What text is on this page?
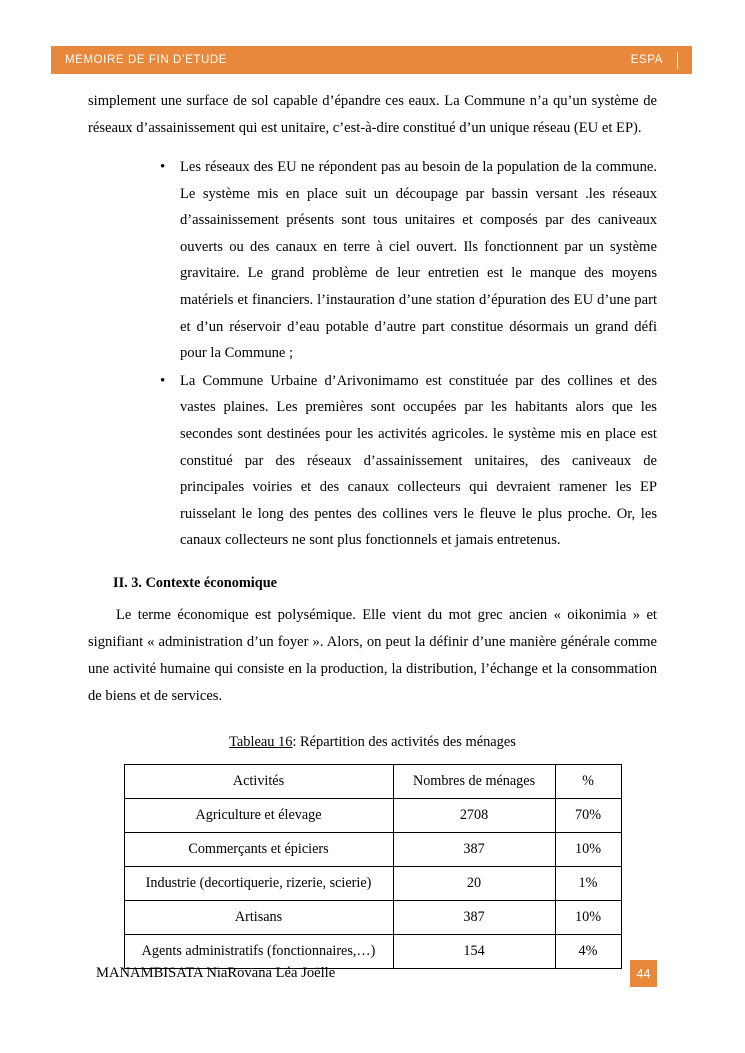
MEMOIRE DE FIN D’ETUDE	ESPA

simplement une surface de sol capable d’épandre ces eaux. La Commune n’a qu’un système de réseaux d’assainissement qui est unitaire, c’est-à-dire constitué d’un unique réseau (EU et EP).

• Les réseaux des EU ne répondent pas au besoin de la population de la commune. Le système mis en place suit un découpage par bassin versant .les réseaux d’assainissement présents sont tous unitaires et composés par des caniveaux ouverts ou des canaux en terre à ciel ouvert. Ils fonctionnent par un système gravitaire. Le grand problème de leur entretien est le manque des moyens matériels et financiers. l’instauration d’une station d’épuration des EU d’une part et d’un réservoir d’eau potable d’autre part constitue désormais un grand défi pour la Commune ;
• La Commune Urbaine d’Arivonimamo est constituée par des collines et des vastes plaines. Les premières sont occupées par les habitants alors que les secondes sont destinées pour les activités agricoles. le système mis en place est constitué par des réseaux d’assainissement unitaires, des caniveaux de principales voiries et des canaux collecteurs qui devraient ramener les EP ruisselant le long des pentes des collines vers le fleuve le plus proche. Or, les canaux collecteurs ne sont plus fonctionnels et jamais entretenus.
II. 3. Contexte économique

Le terme économique est polysémique. Elle vient du mot grec ancien « oikonimia » et signifiant « administration d’un foyer ». Alors, on peut la définir d’une manière générale comme une activité humaine qui consiste en la production, la distribution, l’échange et la consommation de biens et de services.

Tableau 16: Répartition des activités des ménages
Activités	Nombres de ménages	%
Agriculture et élevage	2708	70%
Commerçants et épiciers	387	10%
Industrie (decortiquerie, rizerie, scierie)	20	1%
Artisans	387	10%
Agents administratifs (fonctionnaires,…)	154	4%
MANAMBISATA NiaRovana Léa Joëlle	44
